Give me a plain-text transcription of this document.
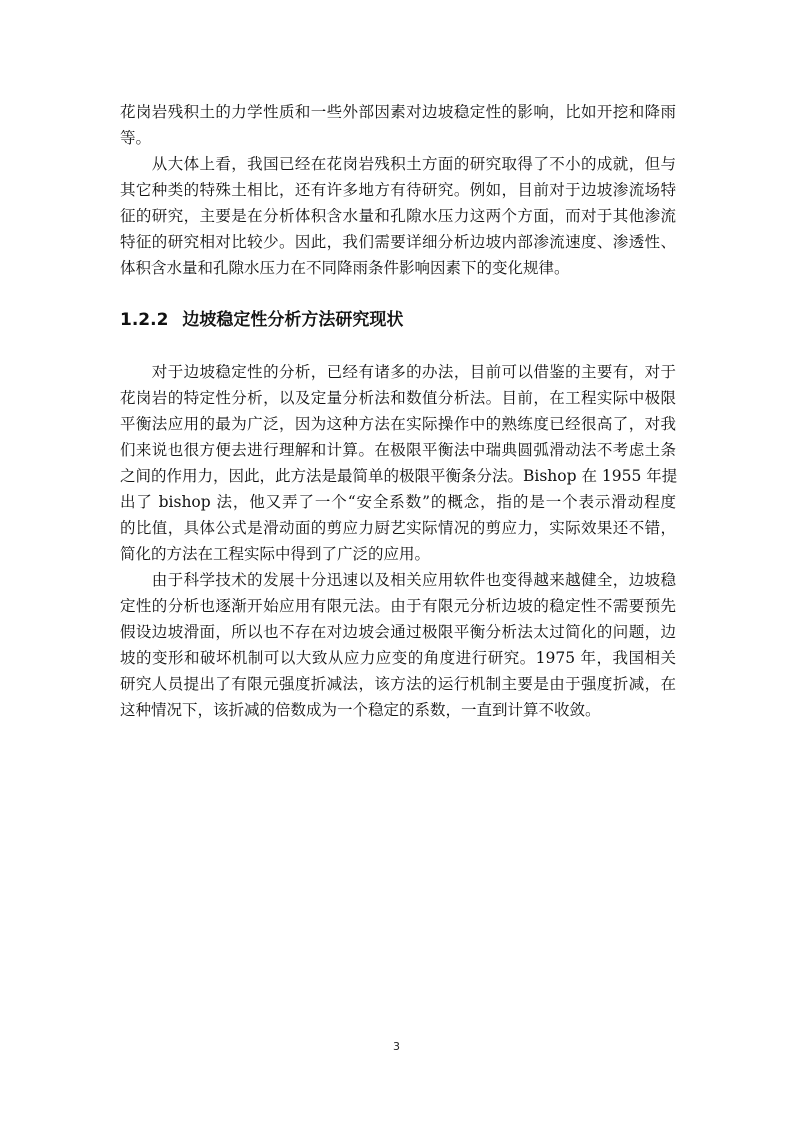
花岗岩残积土的力学性质和一些外部因素对边坡稳定性的影响，比如开挖和降雨
等。
　　从大体上看，我国已经在花岗岩残积土方面的研究取得了不小的成就，但与
其它种类的特殊土相比，还有许多地方有待研究。例如，目前对于边坡渗流场特
征的研究，主要是在分析体积含水量和孔隙水压力这两个方面，而对于其他渗流
特征的研究相对比较少。因此，我们需要详细分析边坡内部渗流速度、渗透性、
体积含水量和孔隙水压力在不同降雨条件影响因素下的变化规律。
1.2.2 边坡稳定性分析方法研究现状
　　对于边坡稳定性的分析，已经有诸多的办法，目前可以借鉴的主要有，对于
花岗岩的特定性分析，以及定量分析法和数值分析法。目前，在工程实际中极限
平衡法应用的最为广泛，因为这种方法在实际操作中的熟练度已经很高了，对我
们来说也很方便去进行理解和计算。在极限平衡法中瑞典圆弧滑动法不考虑土条
之间的作用力，因此，此方法是最简单的极限平衡条分法。Bishop 在 1955 年提
出了 bishop 法，他又弄了一个“安全系数”的概念，指的是一个表示滑动程度
的比值，具体公式是滑动面的剪应力厨艺实际情况的剪应力，实际效果还不错，
简化的方法在工程实际中得到了广泛的应用。
　　由于科学技术的发展十分迅速以及相关应用软件也变得越来越健全，边坡稳
定性的分析也逐渐开始应用有限元法。由于有限元分析边坡的稳定性不需要预先
假设边坡滑面，所以也不存在对边坡会通过极限平衡分析法太过简化的问题，边
坡的变形和破坏机制可以大致从应力应变的角度进行研究。1975 年，我国相关
研究人员提出了有限元强度折减法，该方法的运行机制主要是由于强度折减，在
这种情况下，该折减的倍数成为一个稳定的系数，一直到计算不收敛。
3
